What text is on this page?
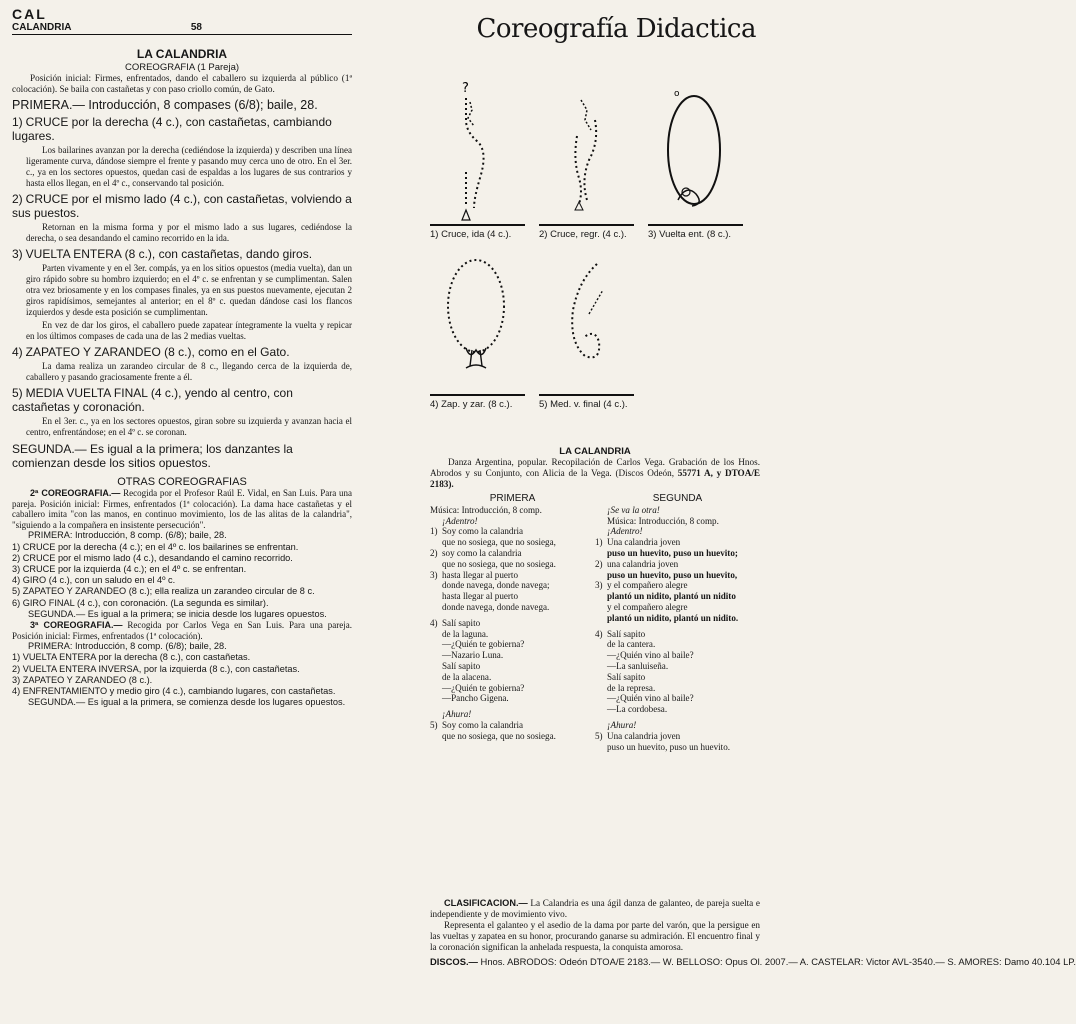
CAL
CALANDRIA	58
LA CALANDRIA
COREOGRAFIA (1 Pareja)

Posición inicial: Firmes, enfrentados, dando el caballero su izquierda al público (1ª colocación). Se baila con castañetas y con paso criollo común, de Gato.

PRIMERA.— Introducción, 8 compases (6/8); baile, 28.
1) CRUCE por la derecha (4 c.), con castañetas, cambiando lugares.

Los bailarines avanzan por la derecha (cediéndose la izquierda) y describen una línea ligeramente curva, dándose siempre el frente y pasando muy cerca uno de otro. En el 3er. c., ya en los sectores opuestos, quedan casi de espaldas a los lugares de sus contrarios y hasta ellos llegan, en el 4º c., conservando tal posición.

2) CRUCE por el mismo lado (4 c.), con castañetas, volviendo a sus puestos.

Retornan en la misma forma y por el mismo lado a sus lugares, cediéndose la derecha, o sea desandando el camino recorrido en la ida.

3) VUELTA ENTERA (8 c.), con castañetas, dando giros.

Parten vivamente y en el 3er. compás, ya en los sitios opuestos (media vuelta), dan un giro rápido sobre su hombro izquierdo; en el 4º c. se enfrentan y se cumplimentan. Salen otra vez briosamente y en los compases finales, ya en sus puestos nuevamente, ejecutan 2 giros rapidísimos, semejantes al anterior; en el 8º c. quedan dándose casi los flancos izquierdos y desde esta posición se cumplimentan.

En vez de dar los giros, el caballero puede zapatear íntegramente la vuelta y repicar en los últimos compases de cada una de las 2 medias vueltas.

4) ZAPATEO Y ZARANDEO (8 c.), como en el Gato.

La dama realiza un zarandeo circular de 8 c., llegando cerca de la izquierda de, caballero y pasando graciosamente frente a él.

5) MEDIA VUELTA FINAL (4 c.), yendo al centro, con castañetas y coronación.

En el 3er. c., ya en los sectores opuestos, giran sobre su izquierda y avanzan hacia el centro, enfrentándose; en el 4º c. se coronan.

SEGUNDA.— Es igual a la primera; los danzantes la comienzan desde los sitios opuestos.
OTRAS COREOGRAFIAS

2ª COREOGRAFIA.— Recogida por el Profesor Raúl E. Vidal, en San Luis. Para una pareja. Posición inicial: Firmes, enfrentados (1ª colocación). La dama hace castañetas y el caballero imita "con las manos, en continuo movimiento, los de las alitas de la calandria", "siguiendo a la compañera en insistente persecución".

PRIMERA: Introducción, 8 comp. (6/8); baile, 28.
1) CRUCE por la derecha (4 c.); en el 4º c. los bailarines se enfrentan.
2) CRUCE por el mismo lado (4 c.), desandando el camino recorrido.
3) CRUCE por la izquierda (4 c.); en el 4º c. se enfrentan.
4) GIRO (4 c.), con un saludo en el 4º c.
5) ZAPATEO Y ZARANDEO (8 c.); ella realiza un zarandeo circular de 8 c.
6) GIRO FINAL (4 c.), con coronación. (La segunda es similar).
SEGUNDA.— Es igual a la primera; se inicia desde los lugares opuestos.

3ª COREOGRAFIA.— Recogida por Carlos Vega en San Luis. Para una pareja. Posición inicial: Firmes, enfrentados (1ª colocación).

PRIMERA: Introducción, 8 comp. (6/8); baile, 28.
1) VUELTA ENTERA por la derecha (8 c.), con castañetas.
2) VUELTA ENTERA INVERSA, por la izquierda (8 c.), con castañetas.
3) ZAPATEO Y ZARANDEO (8 c.).
4) ENFRENTAMIENTO y medio giro (4 c.), cambiando lugares, con castañetas.
SEGUNDA.— Es igual a la primera, se comienza desde los lugares opuestos.
Coreografía Didactica
?
1) Cruce, ida (4 c.).	2) Cruce, regr. (4 c.).
o
3) Vuelta ent. (8 c.).
4) Zap. y zar. (8 c.).	5) Med. v. final (4 c.).
LA CALANDRIA

Danza Argentina, popular. Recopilación de Carlos Vega. Grabación de los Hnos. Abrodos y su Conjunto, con Alicia de la Vega. (Discos Odeón, 55771 A, y DTOA/E 2183).

PRIMERA
Música: Introducción, 8 comp.
¡Adentro!
1) Soy como la calandria
que no sosiega, que no sosiega,
2) soy como la calandria
que no sosiega, que no sosiega.
3) hasta llegar al puerto
donde navega, donde navega;
hasta llegar al puerto
donde navega, donde navega.
4) Salí sapito
de la laguna.
—¿Quién te gobierna?
—Nazario Luna.
Salí sapito
de la alacena.
—¿Quién te gobierna?
—Pancho Gigena.
¡Ahura!
5) Soy como la calandria
que no sosiega, que no sosiega.
SEGUNDA
¡Se va la otra!
Música: Introducción, 8 comp.
¡Adentro!
1) Una calandria joven
puso un huevito, puso un huevito;
2) una calandria joven
puso un huevito, puso un huevito,
3) y el compañero alegre
plantó un nidito, plantó un nidito
y el compañero alegre
plantó un nidito, plantó un nidito.
4) Salí sapito
de la cantera.
—¿Quién vino al baile?
—La sanluiseña.
Salí sapito
de la represa.
—¿Quién vino al baile?
—La cordobesa.
¡Ahura!
5) Una calandria joven
puso un huevito, puso un huevito.

CLASIFICACION.— La Calandria es una ágil danza de galanteo, de pareja suelta e independiente y de movimiento vivo.

Representa el galanteo y el asedio de la dama por parte del varón, que la persigue en las vueltas y zapatea en su honor, procurando ganarse su admiración. El encuentro final y la coronación significan la anhelada respuesta, la conquista amorosa.

DISCOS.— Hnos. ABRODOS: Odeón DTOA/E 2183.— W. BELLOSO: Opus Ol. 2007.— A. CASTELAR: Victor AVL-3540.— S. AMORES: Damo 40.104 LP.
